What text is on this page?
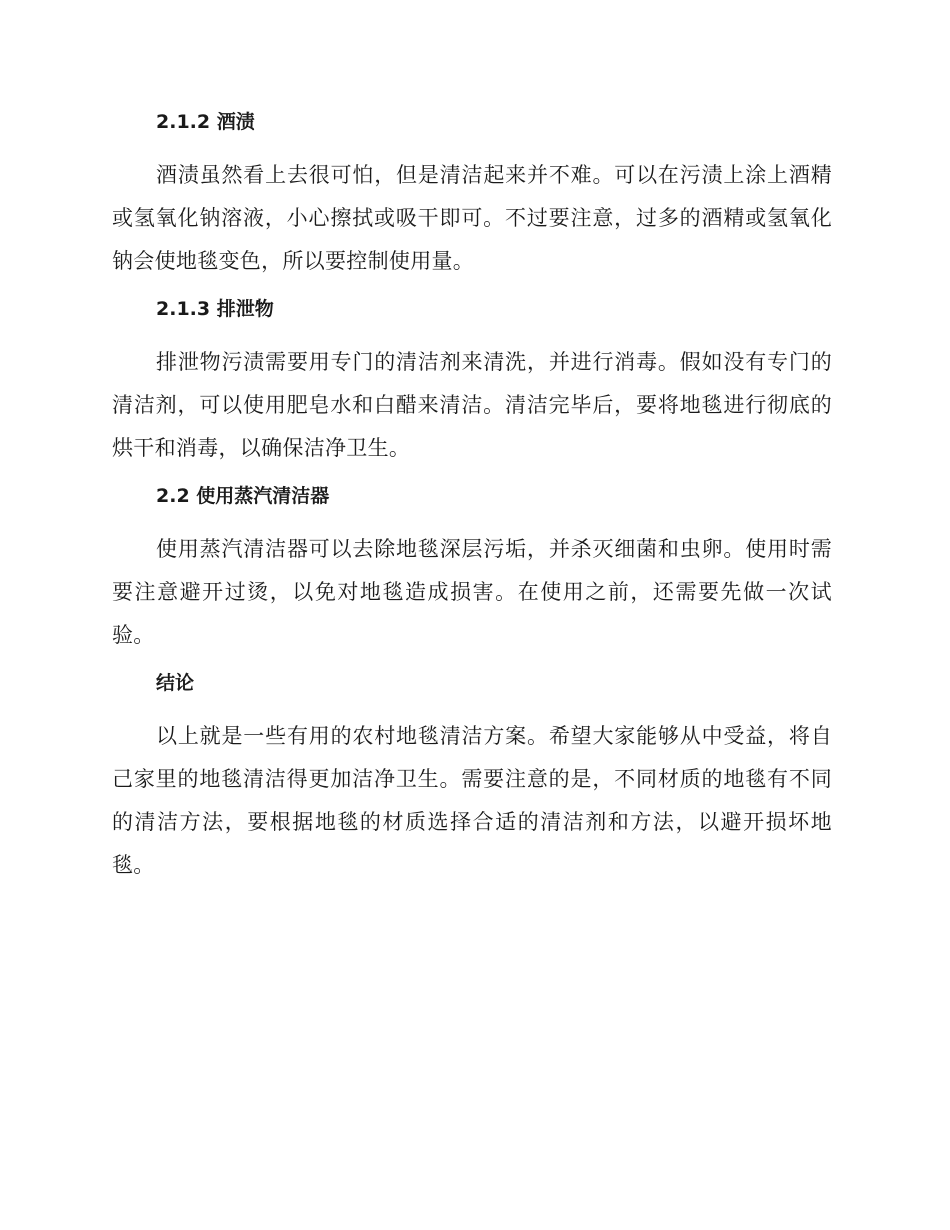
2.1.2 酒渍

酒渍虽然看上去很可怕，但是清洁起来并不难。可以在污渍上涂上酒精或氢氧化钠溶液，小心擦拭或吸干即可。不过要注意，过多的酒精或氢氧化钠会使地毯变色，所以要控制使用量。

2.1.3 排泄物

排泄物污渍需要用专门的清洁剂来清洗，并进行消毒。假如没有专门的清洁剂，可以使用肥皂水和白醋来清洁。清洁完毕后，要将地毯进行彻底的烘干和消毒，以确保洁净卫生。

2.2 使用蒸汽清洁器

使用蒸汽清洁器可以去除地毯深层污垢，并杀灭细菌和虫卵。使用时需要注意避开过烫，以免对地毯造成损害。在使用之前，还需要先做一次试验。

结论

以上就是一些有用的农村地毯清洁方案。希望大家能够从中受益，将自己家里的地毯清洁得更加洁净卫生。需要注意的是，不同材质的地毯有不同的清洁方法，要根据地毯的材质选择合适的清洁剂和方法，以避开损坏地毯。
